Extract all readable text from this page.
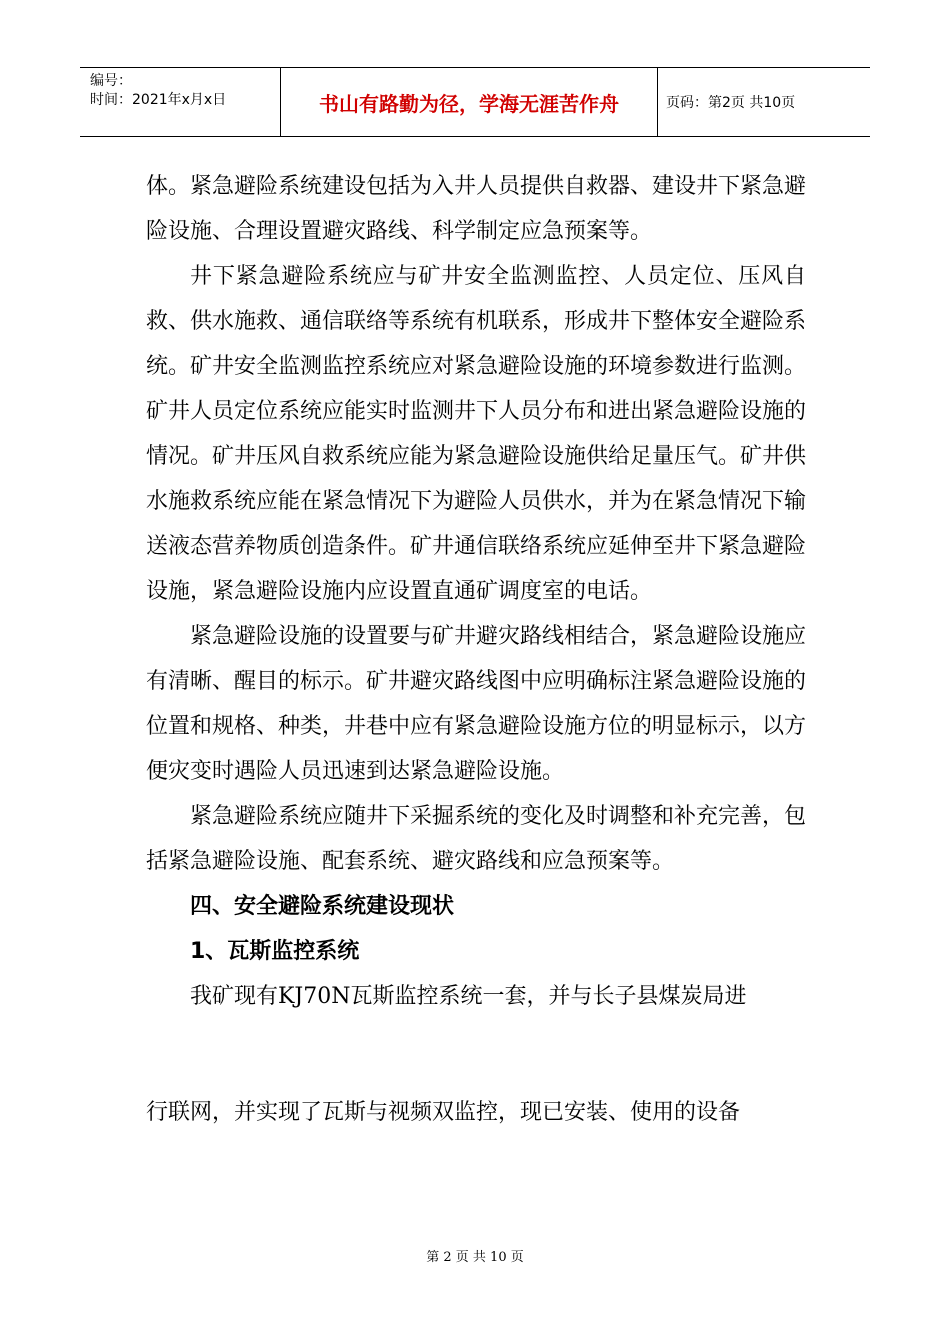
编号：
时间：2021年x月x日	书山有路勤为径，学海无涯苦作舟	页码：第2页 共10页

体。紧急避险系统建设包括为入井人员提供自救器、建设井下紧急避险设施、合理设置避灾路线、科学制定应急预案等。

井下紧急避险系统应与矿井安全监测监控、人员定位、压风自救、供水施救、通信联络等系统有机联系，形成井下整体安全避险系统。矿井安全监测监控系统应对紧急避险设施的环境参数进行监测。矿井人员定位系统应能实时监测井下人员分布和进出紧急避险设施的情况。矿井压风自救系统应能为紧急避险设施供给足量压气。矿井供水施救系统应能在紧急情况下为避险人员供水，并为在紧急情况下输送液态营养物质创造条件。矿井通信联络系统应延伸至井下紧急避险设施，紧急避险设施内应设置直通矿调度室的电话。

紧急避险设施的设置要与矿井避灾路线相结合，紧急避险设施应有清晰、醒目的标示。矿井避灾路线图中应明确标注紧急避险设施的位置和规格、种类，井巷中应有紧急避险设施方位的明显标示，以方便灾变时遇险人员迅速到达紧急避险设施。

紧急避险系统应随井下采掘系统的变化及时调整和补充完善，包括紧急避险设施、配套系统、避灾路线和应急预案等。

四、安全避险系统建设现状

1、瓦斯监控系统

我矿现有KJ70N瓦斯监控系统一套，并与长子县煤炭局进

行联网，并实现了瓦斯与视频双监控，现已安装、使用的设备

第 2 页 共 10 页
